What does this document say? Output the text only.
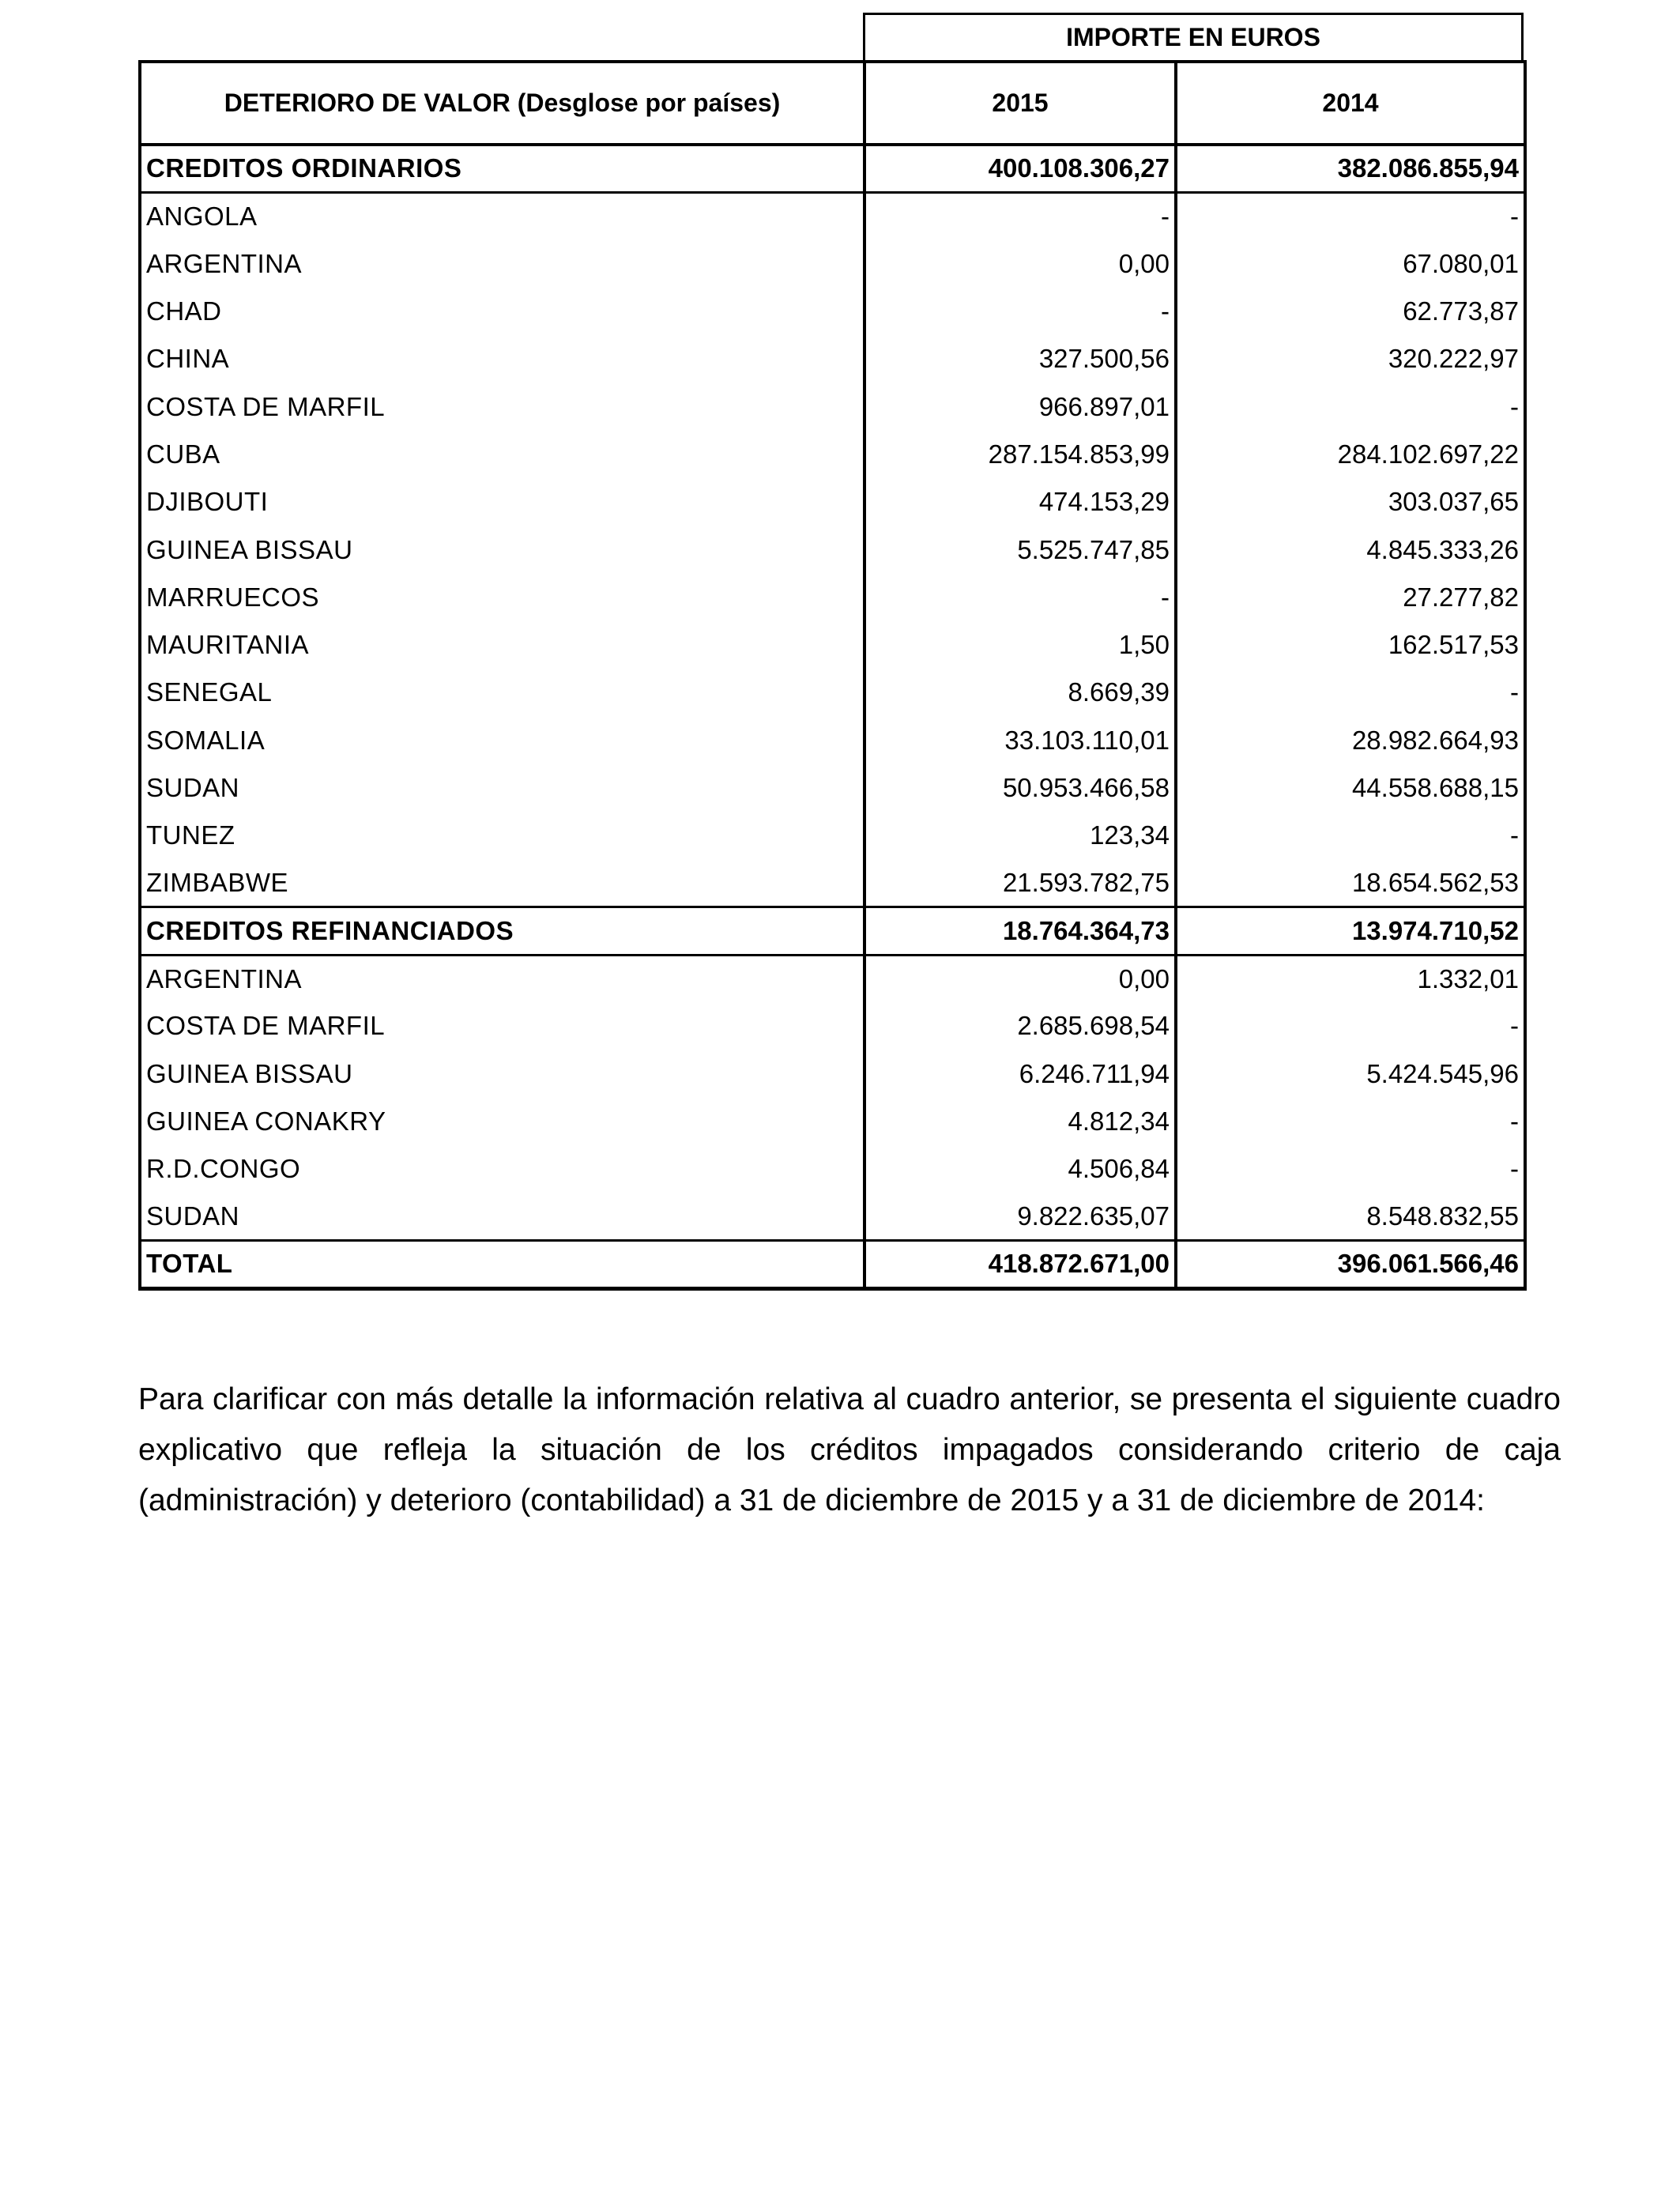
IMPORTE EN EUROS
DETERIORO DE VALOR (Desglose por países)	2015	2014
CREDITOS ORDINARIOS	400.108.306,27	382.086.855,94
ANGOLA	-	-
ARGENTINA	0,00	67.080,01
CHAD	-	62.773,87
CHINA	327.500,56	320.222,97
COSTA DE MARFIL	966.897,01	-
CUBA	287.154.853,99	284.102.697,22
DJIBOUTI	474.153,29	303.037,65
GUINEA BISSAU	5.525.747,85	4.845.333,26
MARRUECOS	-	27.277,82
MAURITANIA	1,50	162.517,53
SENEGAL	8.669,39	-
SOMALIA	33.103.110,01	28.982.664,93
SUDAN	50.953.466,58	44.558.688,15
TUNEZ	123,34	-
ZIMBABWE	21.593.782,75	18.654.562,53
CREDITOS REFINANCIADOS	18.764.364,73	13.974.710,52
ARGENTINA	0,00	1.332,01
COSTA DE MARFIL	2.685.698,54	-
GUINEA BISSAU	6.246.711,94	5.424.545,96
GUINEA CONAKRY	4.812,34	-
R.D.CONGO	4.506,84	-
SUDAN	9.822.635,07	8.548.832,55
TOTAL	418.872.671,00	396.061.566,46

Para clarificar con más detalle la información relativa al cuadro anterior, se presenta el siguiente cuadro explicativo que refleja la situación de los créditos impagados considerando criterio de caja (administración) y deterioro (contabilidad) a 31 de diciembre de 2015 y a 31 de diciembre de 2014:
